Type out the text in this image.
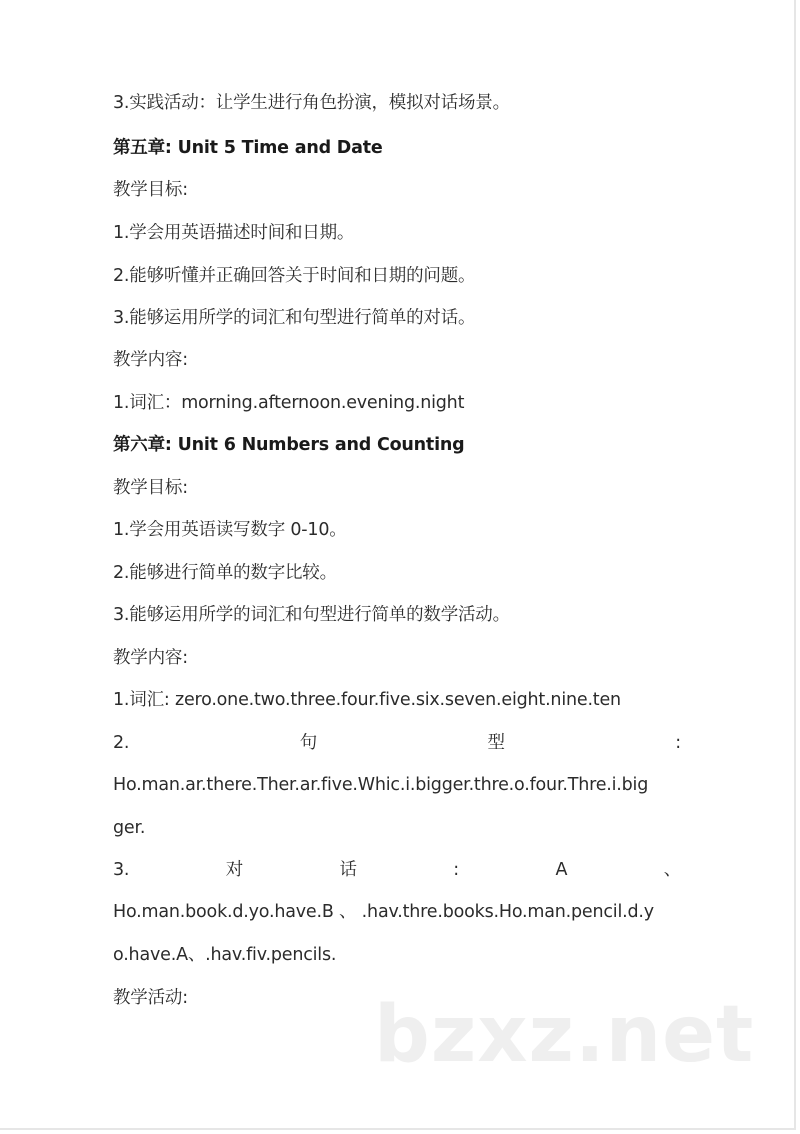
3.实践活动：让学生进行角色扮演，模拟对话场景。
第五章: Unit 5 Time and Date
教学目标:
1.学会用英语描述时间和日期。
2.能够听懂并正确回答关于时间和日期的问题。
3.能够运用所学的词汇和句型进行简单的对话。
教学内容:
1.词汇：morning.afternoon.evening.night
第六章: Unit 6 Numbers and Counting
教学目标:
1.学会用英语读写数字 0-10。
2.能够进行简单的数字比较。
3.能够运用所学的词汇和句型进行简单的数学活动。
教学内容:
1.词汇: zero.one.two.three.four.five.six.seven.eight.nine.ten
2.	句	型	:
Ho.man.ar.there.Ther.ar.five.Whic.i.bigger.thre.o.four.Thre.i.big
ger.
3.	对	话	:	A	、
Ho.man.book.d.yo.have.B 、 .hav.thre.books.Ho.man.pencil.d.y
o.have.A、.hav.fiv.pencils.
教学活动: bzxz.net
